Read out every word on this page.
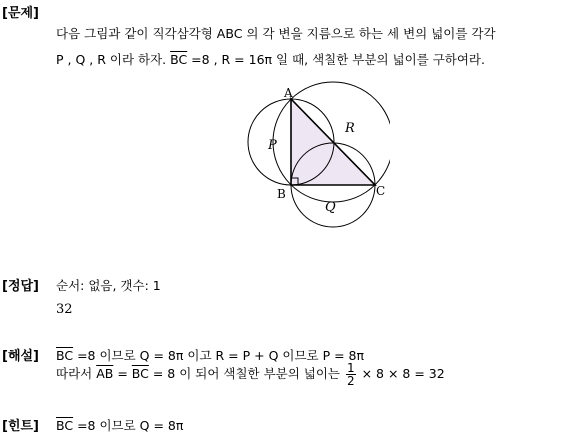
[문제]
다음 그림과 같이 직각삼각형 ABC 의 각 변을 지름으로 하는 세 변의 넓이를 각각
P , Q , R 이라 하자. $\overline{BC} =8$ , R = 16π 일 때, 색칠한 부분의 넓이를 구하여라.
A
B	C
P
Q
R
[정답] 순서: 없음, 갯수: 1
32
[해설] $\overline{BC} =8$ 이므로 Q = 8π 이고 R = P + Q 이므로 P = 8π
따라서 $\overline{AB} = \overline{BC} = 8$ 이 되어 색칠한 부분의 넓이는 $\frac{1}{2} \times 8 \times 8 = 32$
[힌트] $\overline{BC} =8$ 이므로 Q = 8π
